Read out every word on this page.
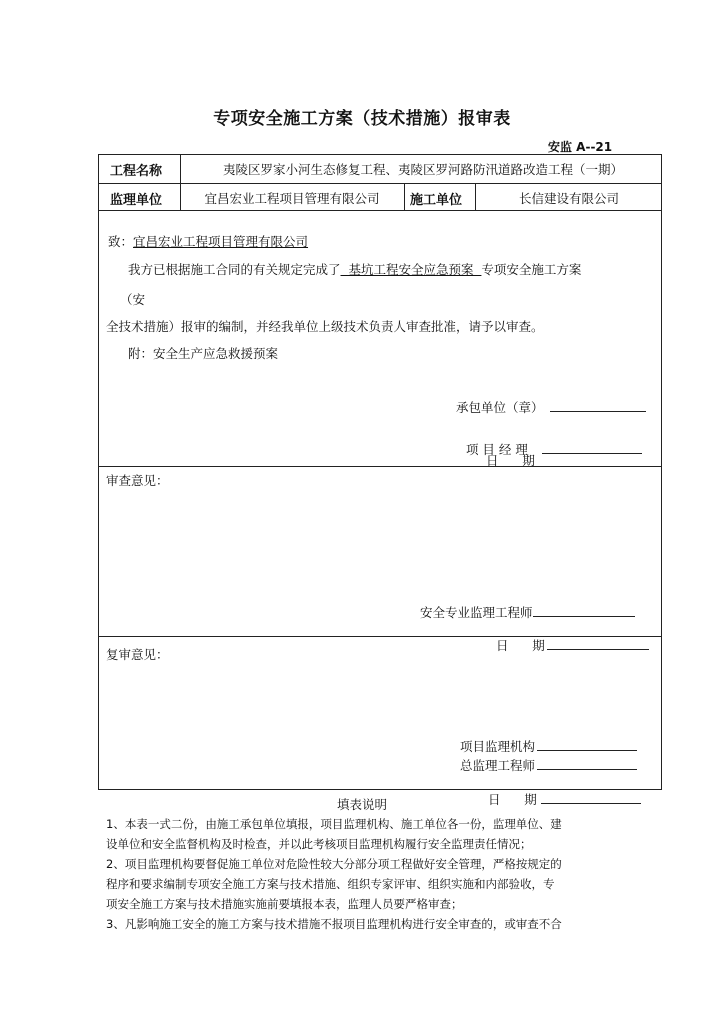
专项安全施工方案（技术措施）报审表
安监 A--21
工程名称	夷陵区罗家小河生态修复工程、夷陵区罗河路防汛道路改造工程（一期）
监理单位	宜昌宏业工程项目管理有限公司	施工单位	长信建设有限公司
致：宜昌宏业工程项目管理有限公司
我方已根据施工合同的有关规定完成了  基坑工程安全应急预案  专项安全施工方案
（安
全技术措施）报审的编制，并经我单位上级技术负责人审查批准，请予以审查。
附：安全生产应急救援预案
承包单位（章）

项 目 经 理

日      期
审查意见：
安全专业监理工程师

日      期

复审意见：
项目监理机构
总监理工程师

日      期

填表说明
1、本表一式二份，由施工承包单位填报，项目监理机构、施工单位各一份，监理单位、建
设单位和安全监督机构及时检查，并以此考核项目监理机构履行安全监理责任情况；
2、项目监理机构要督促施工单位对危险性较大分部分项工程做好安全管理，严格按规定的
程序和要求编制专项安全施工方案与技术措施、组织专家评审、组织实施和内部验收，专
项安全施工方案与技术措施实施前要填报本表，监理人员要严格审查；
3、凡影响施工安全的施工方案与技术措施不报项目监理机构进行安全审查的，或审查不合
